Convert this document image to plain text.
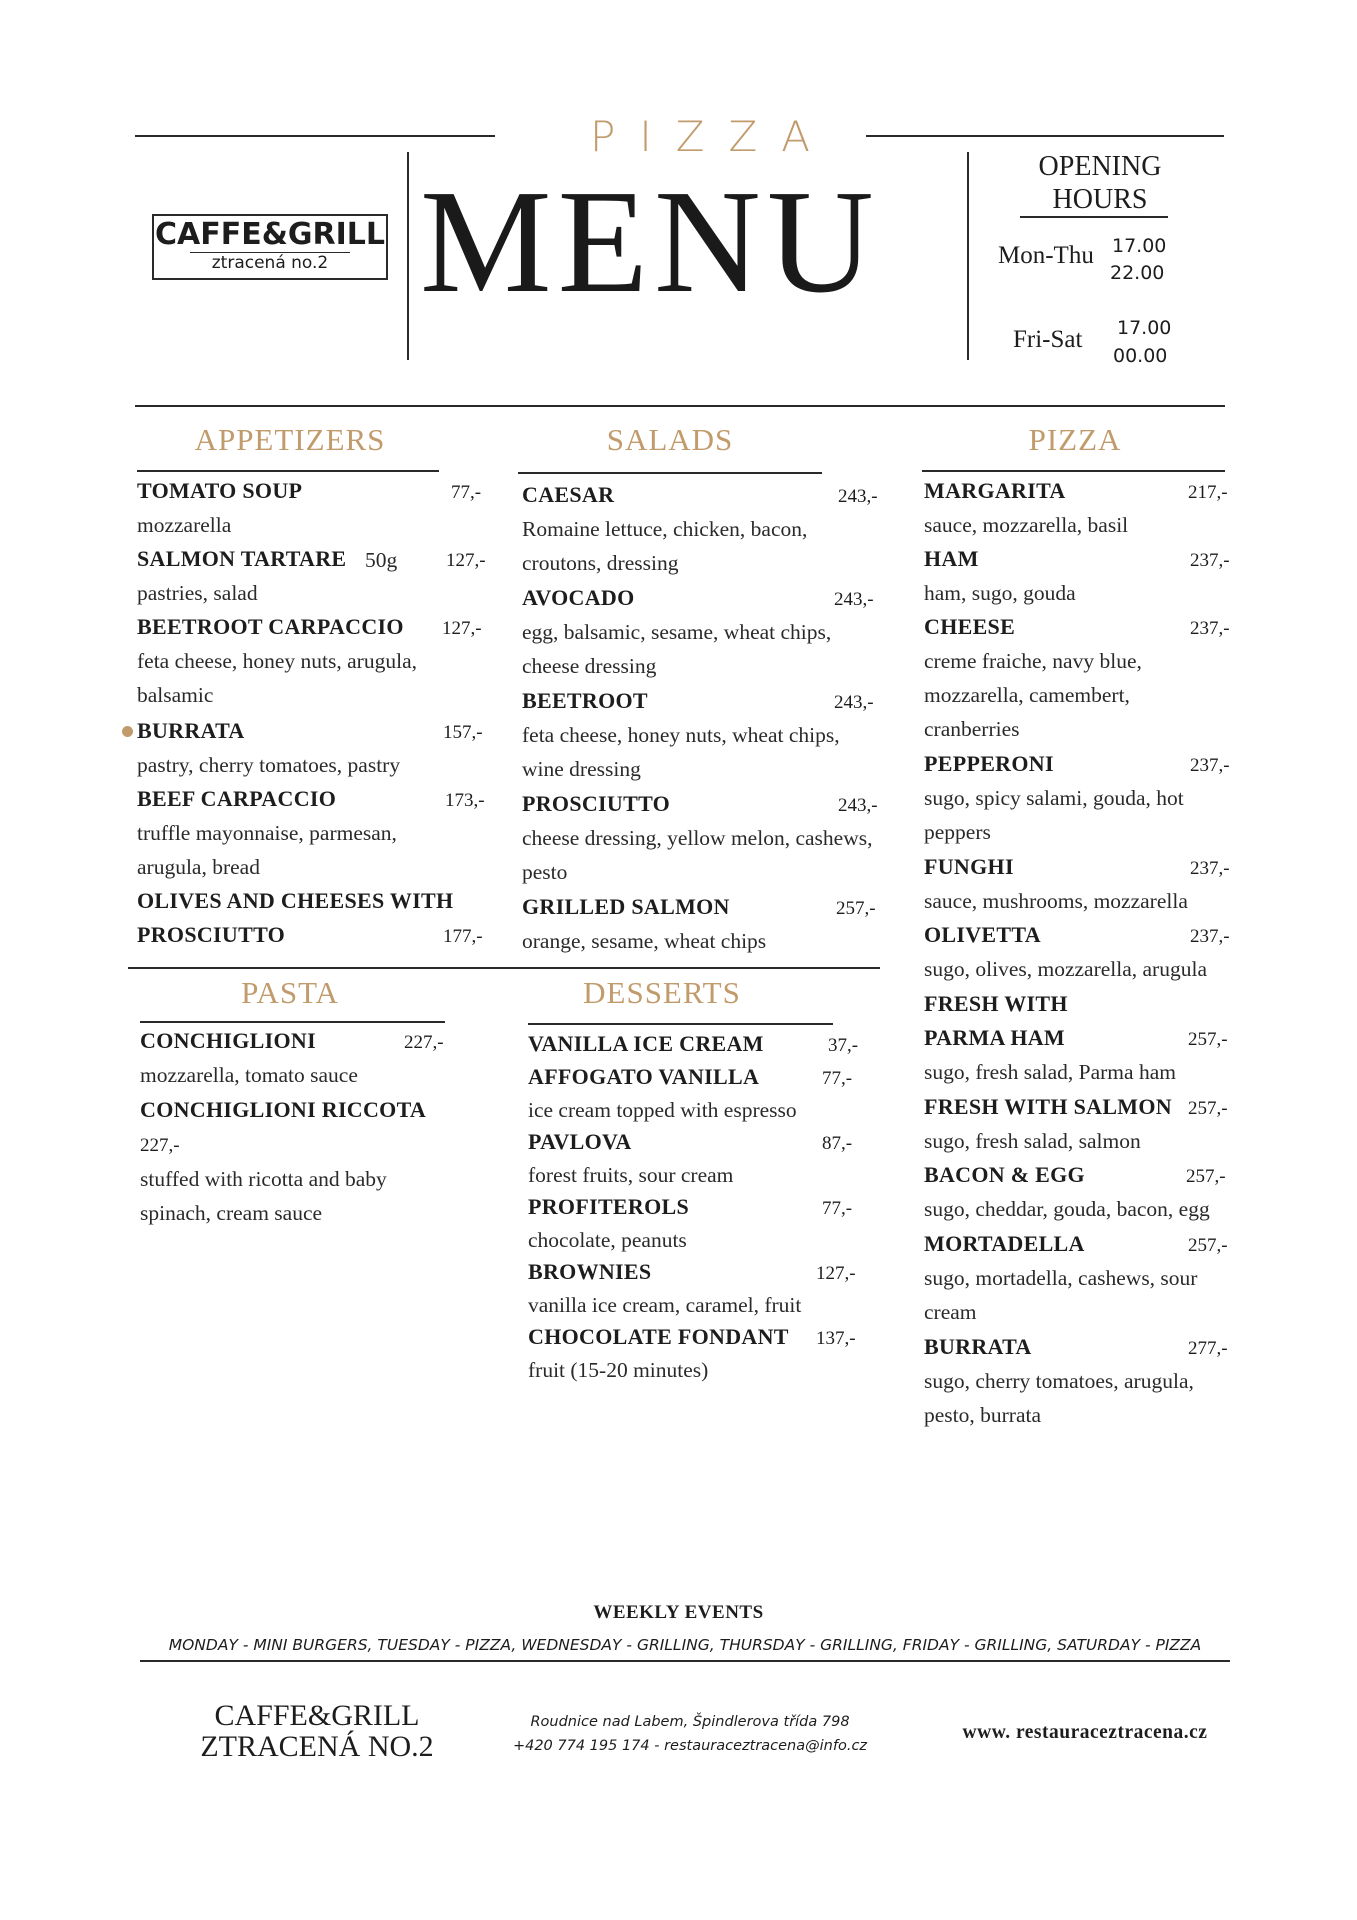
PIZZA
CAFFE&GRILL
ztracená no.2 MENU	OPENING
HOURS
Mon-Thu 17.00
22.00
Fri-Sat 17.00
00.00
APPETIZERS
TOMATO SOUP	77,-
mozzarella
SALMON TARTARE 50g	127,-
pastries, salad
BEETROOT CARPACCIO 127,-
feta cheese, honey nuts, arugula,
balsamic
BURRATA	157,-
pastry, cherry tomatoes, pastry
BEEF CARPACCIO	173,-
truffle mayonnaise, parmesan,
arugula, bread
OLIVES AND CHEESES WITH
PROSCIUTTO	177,-
SALADS
CAESAR	243,-
Romaine lettuce, chicken, bacon,
croutons, dressing
AVOCADO	243,-
egg, balsamic, sesame, wheat chips,
cheese dressing
BEETROOT	243,-
feta cheese, honey nuts, wheat chips,
wine dressing
PROSCIUTTO	243,-
cheese dressing, yellow melon, cashews,
pesto
GRILLED SALMON	257,-
orange, sesame, wheat chips
PIZZA
MARGARITA	217,-
sauce, mozzarella, basil
HAM	237,-
ham, sugo, gouda
CHEESE	237,-
creme fraiche, navy blue,
mozzarella, camembert,
cranberries
PEPPERONI	237,-
sugo, spicy salami, gouda, hot
peppers
FUNGHI	237,-
sauce, mushrooms, mozzarella
OLIVETTA	237,-
sugo, olives, mozzarella, arugula
FRESH WITH
PARMA HAM	257,-
sugo, fresh salad, Parma ham
FRESH WITH SALMON 257,-
sugo, fresh salad, salmon
BACON & EGG	257,-
sugo, cheddar, gouda, bacon, egg
MORTADELLA	257,-
sugo, mortadella, cashews, sour
cream
BURRATA	277,-
sugo, cherry tomatoes, arugula,
pesto, burrata
PASTA
CONCHIGLIONI	227,-
mozzarella, tomato sauce
CONCHIGLIONI RICCOTA
227,-
stuffed with ricotta and baby
spinach, cream sauce
DESSERTS
VANILLA ICE CREAM	37,-
AFFOGATO VANILLA	77,-
ice cream topped with espresso
PAVLOVA	87,-
forest fruits, sour cream
PROFITEROLS	77,-
chocolate, peanuts
BROWNIES	127,-
vanilla ice cream, caramel, fruit
CHOCOLATE FONDANT 137,-
fruit (15-20 minutes)
WEEKLY EVENTS
MONDAY - MINI BURGERS, TUESDAY - PIZZA, WEDNESDAY - GRILLING, THURSDAY - GRILLING, FRIDAY - GRILLING, SATURDAY - PIZZA
CAFFE&GRILL
ZTRACENÁ NO.2
Roudnice nad Labem, Špindlerova třída 798
+420 774 195 174 - restauraceztracena@info.cz
www. restauraceztracena.cz
